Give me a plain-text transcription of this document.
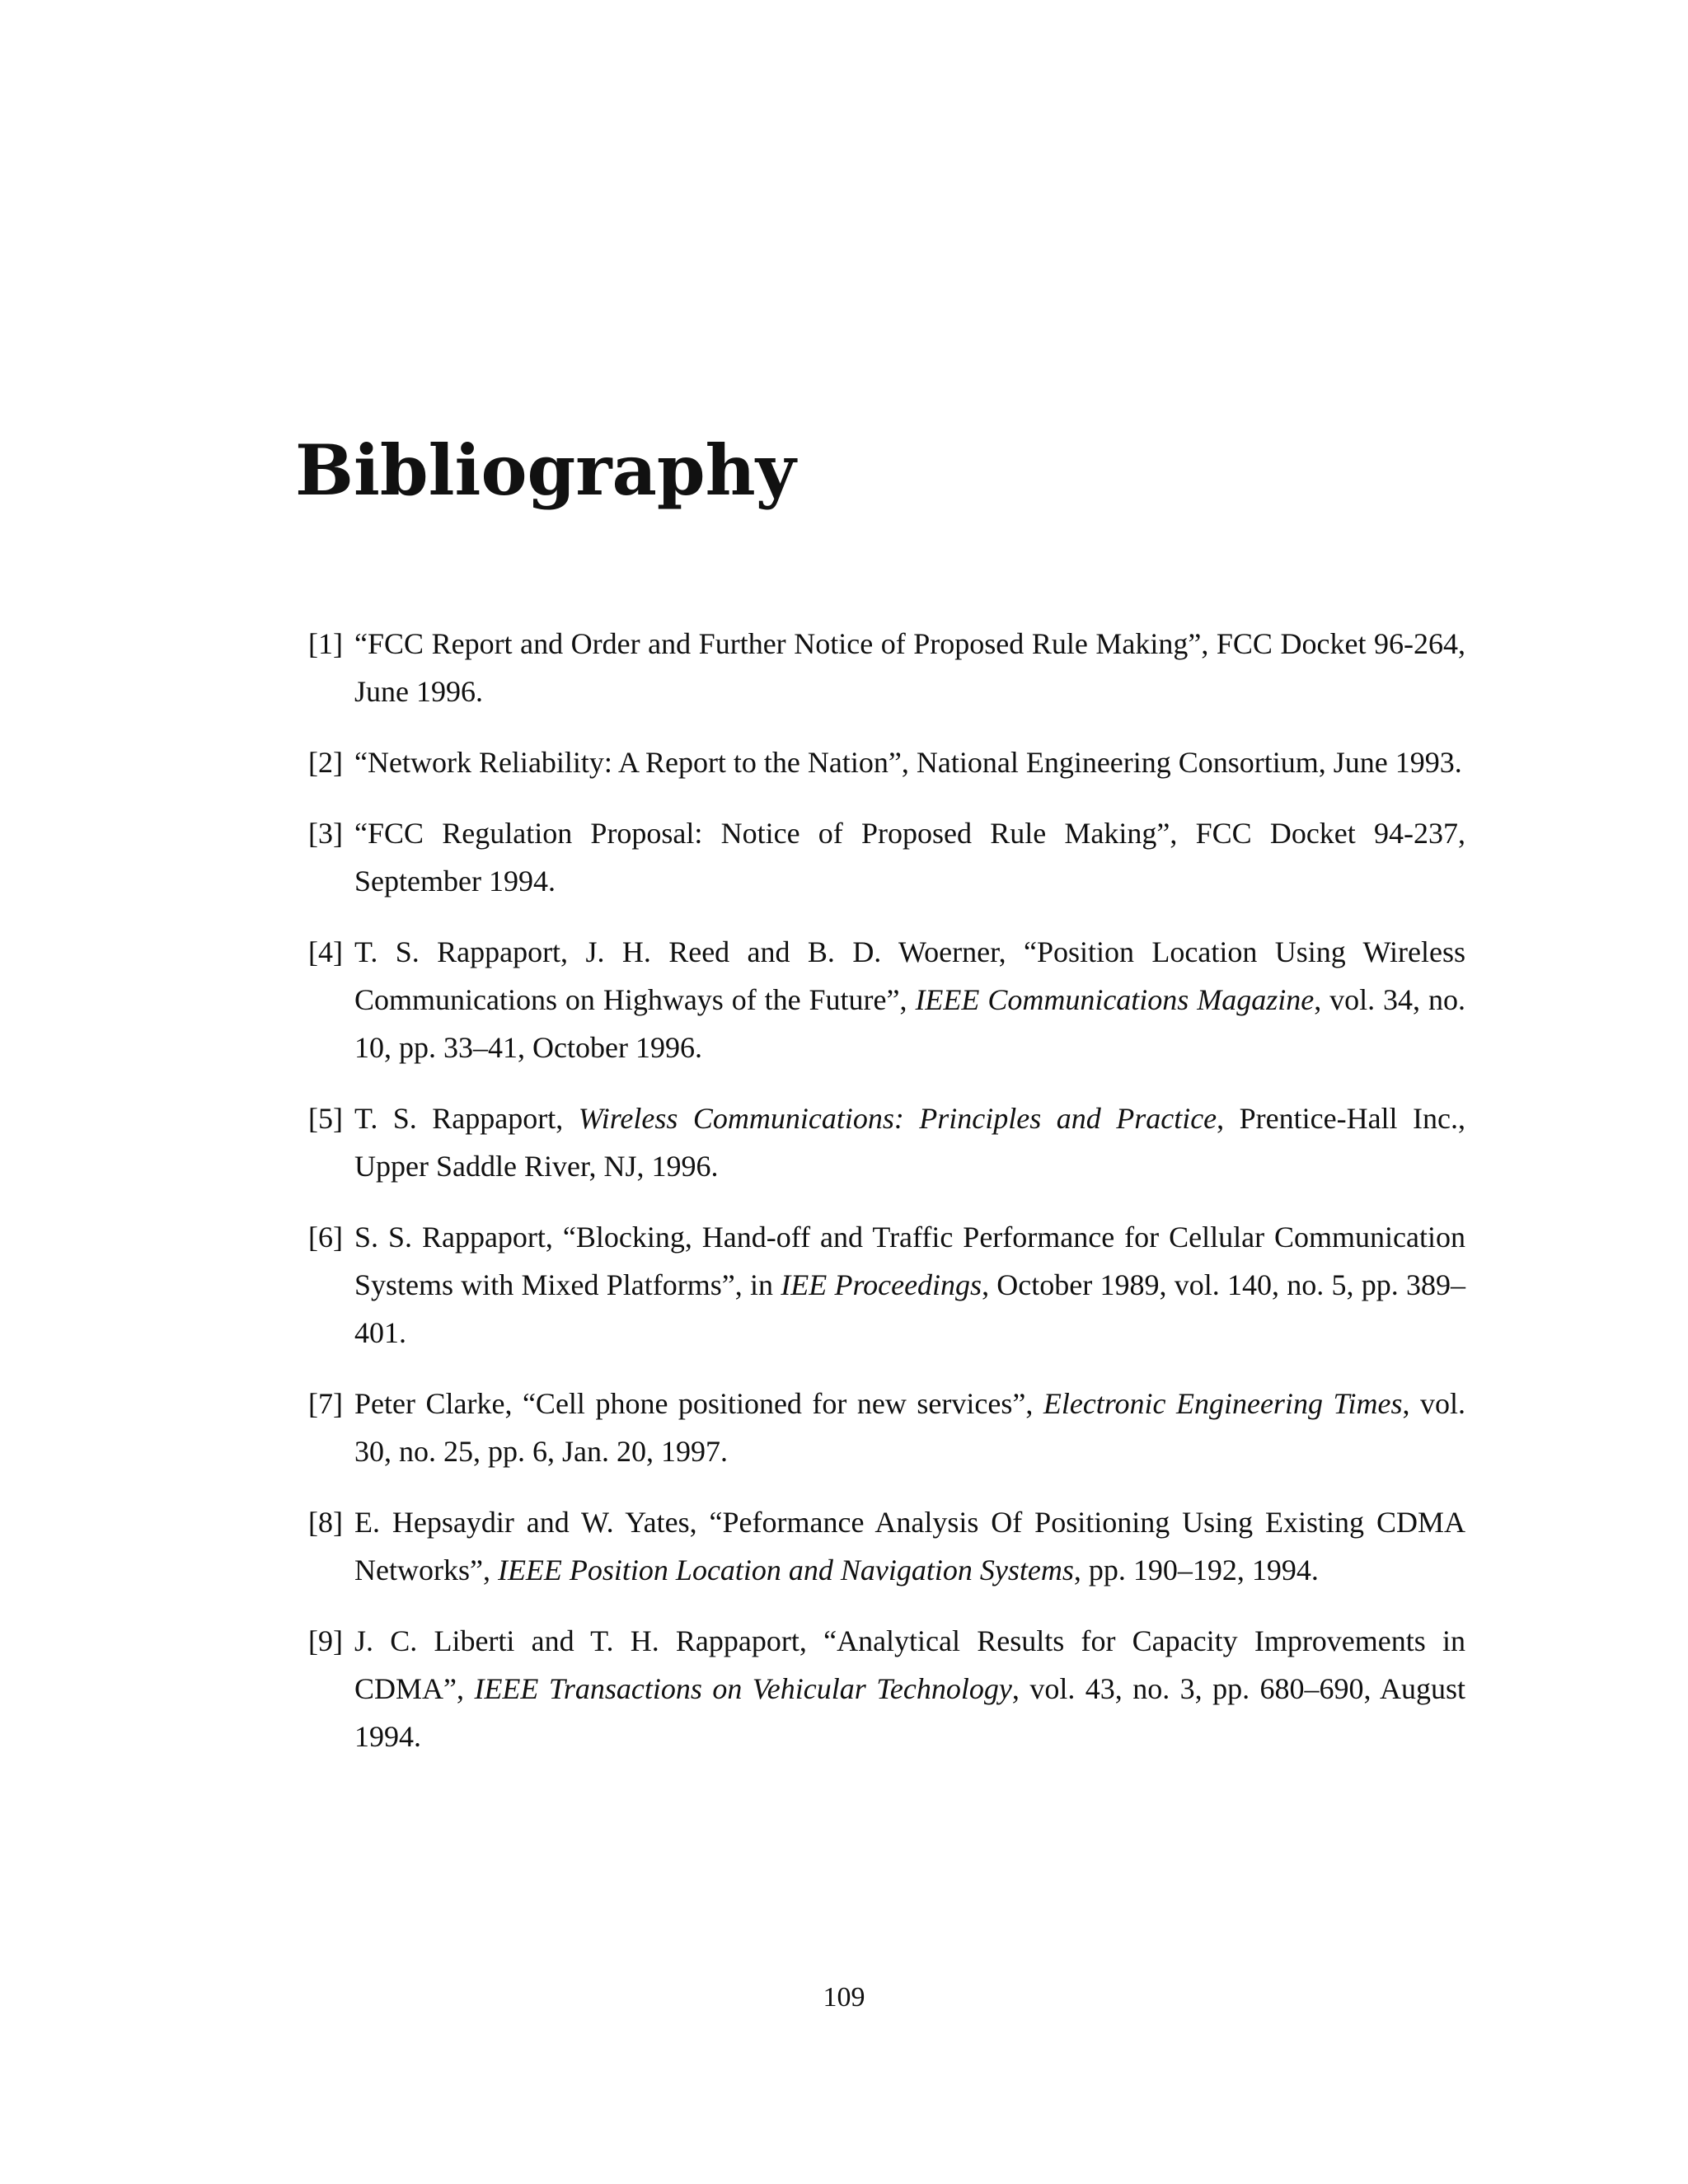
Bibliography
[1] “FCC Report and Order and Further Notice of Proposed Rule Making”, FCC Docket 96-264, June 1996.
[2] “Network Reliability: A Report to the Nation”, National Engineering Consortium, June 1993.
[3] “FCC Regulation Proposal: Notice of Proposed Rule Making”, FCC Docket 94-237, September 1994.
[4] T. S. Rappaport, J. H. Reed and B. D. Woerner, “Position Location Using Wireless Communications on Highways of the Future”, IEEE Communications Magazine, vol. 34, no. 10, pp. 33–41, October 1996.
[5] T. S. Rappaport, Wireless Communications: Principles and Practice, Prentice-Hall Inc., Upper Saddle River, NJ, 1996.
[6] S. S. Rappaport, “Blocking, Hand-off and Traffic Performance for Cellular Communication Systems with Mixed Platforms”, in IEE Proceedings, October 1989, vol. 140, no. 5, pp. 389–401.
[7] Peter Clarke, “Cell phone positioned for new services”, Electronic Engineering Times, vol. 30, no. 25, pp. 6, Jan. 20, 1997.
[8] E. Hepsaydir and W. Yates, “Peformance Analysis Of Positioning Using Existing CDMA Networks”, IEEE Position Location and Navigation Systems, pp. 190–192, 1994.
[9] J. C. Liberti and T. H. Rappaport, “Analytical Results for Capacity Improvements in CDMA”, IEEE Transactions on Vehicular Technology, vol. 43, no. 3, pp. 680–690, August 1994.
109
